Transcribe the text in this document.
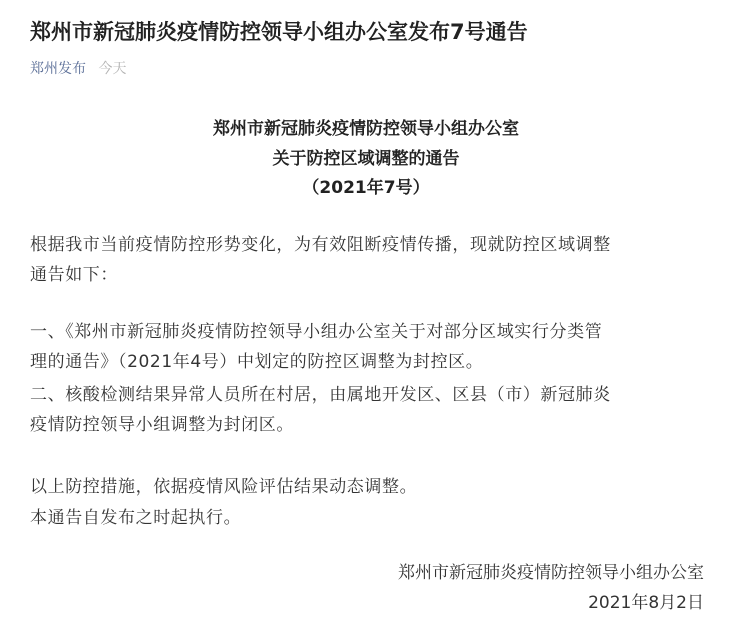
郑州市新冠肺炎疫情防控领导小组办公室发布7号通告
郑州发布 今天
郑州市新冠肺炎疫情防控领导小组办公室
关于防控区域调整的通告
（2021年7号）
根据我市当前疫情防控形势变化，为有效阻断疫情传播，现就防控区域调整
通告如下：
一、《郑州市新冠肺炎疫情防控领导小组办公室关于对部分区域实行分类管
理的通告》（2021年4号）中划定的防控区调整为封控区。
二、核酸检测结果异常人员所在村居，由属地开发区、区县（市）新冠肺炎
疫情防控领导小组调整为封闭区。
以上防控措施，依据疫情风险评估结果动态调整。
本通告自发布之时起执行。
郑州市新冠肺炎疫情防控领导小组办公室
2021年8月2日
